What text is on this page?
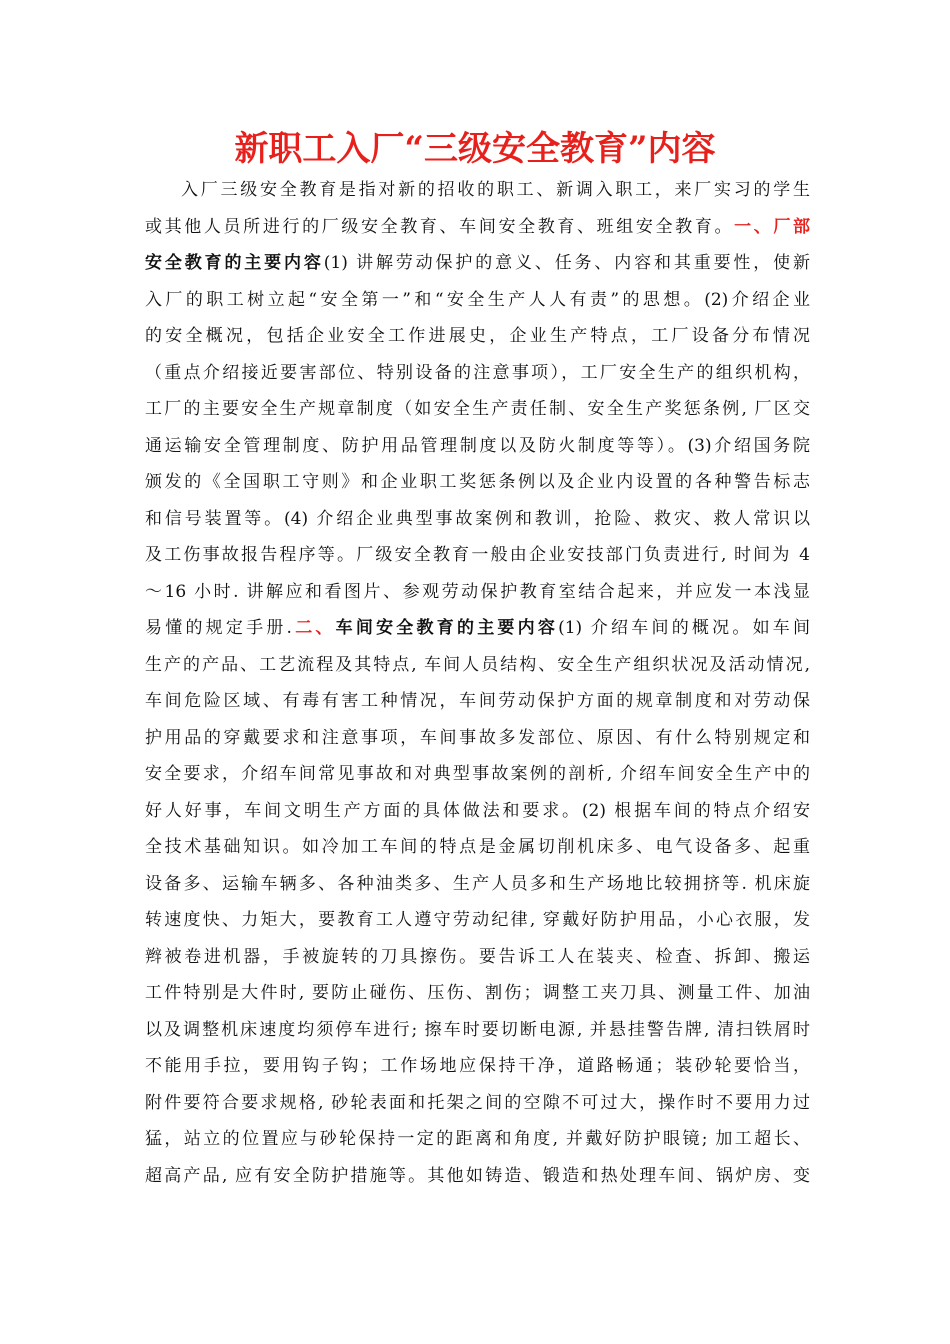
新职工入厂“三级安全教育”内容
入厂三级安全教育是指对新的招收的职工、新调入职工，来厂实习的学生
或其他人员所进行的厂级安全教育、车间安全教育、班组安全教育。一、厂部
安全教育的主要内容(1) 讲解劳动保护的意义、任务、内容和其重要性，使新
入厂的职工树立起“安全第一”和“安全生产人人有责”的思想。(2)介绍企业
的安全概况，包括企业安全工作进展史，企业生产特点，工厂设备分布情况
（重点介绍接近要害部位、特别设备的注意事项），工厂安全生产的组织机构，
工厂的主要安全生产规章制度（如安全生产责任制、安全生产奖惩条例, 厂区交
通运输安全管理制度、防护用品管理制度以及防火制度等等）。(3)介绍国务院
颁发的《全国职工守则》和企业职工奖惩条例以及企业内设置的各种警告标志
和信号装置等。(4) 介绍企业典型事故案例和教训，抢险、救灾、救人常识以
及工伤事故报告程序等。厂级安全教育一般由企业安技部门负责进行, 时间为 4
～16 小时. 讲解应和看图片、参观劳动保护教育室结合起来，并应发一本浅显
易懂的规定手册.二、车间安全教育的主要内容(1) 介绍车间的概况。如车间
生产的产品、工艺流程及其特点, 车间人员结构、安全生产组织状况及活动情况,
车间危险区域、有毒有害工种情况，车间劳动保护方面的规章制度和对劳动保
护用品的穿戴要求和注意事项，车间事故多发部位、原因、有什么特别规定和
安全要求，介绍车间常见事故和对典型事故案例的剖析, 介绍车间安全生产中的
好人好事，车间文明生产方面的具体做法和要求。(2) 根据车间的特点介绍安
全技术基础知识。如冷加工车间的特点是金属切削机床多、电气设备多、起重
设备多、运输车辆多、各种油类多、生产人员多和生产场地比较拥挤等. 机床旋
转速度快、力矩大，要教育工人遵守劳动纪律, 穿戴好防护用品，小心衣服，发
辫被卷进机器，手被旋转的刀具擦伤。要告诉工人在装夹、检查、拆卸、搬运
工件特别是大件时, 要防止碰伤、压伤、割伤；调整工夹刀具、测量工件、加油
以及调整机床速度均须停车进行; 擦车时要切断电源, 并悬挂警告牌, 清扫铁屑时
不能用手拉，要用钩子钩；工作场地应保持干净，道路畅通；装砂轮要恰当，
附件要符合要求规格, 砂轮表面和托架之间的空隙不可过大，操作时不要用力过
猛，站立的位置应与砂轮保持一定的距离和角度, 并戴好防护眼镜; 加工超长、
超高产品, 应有安全防护措施等。其他如铸造、锻造和热处理车间、锅炉房、变
